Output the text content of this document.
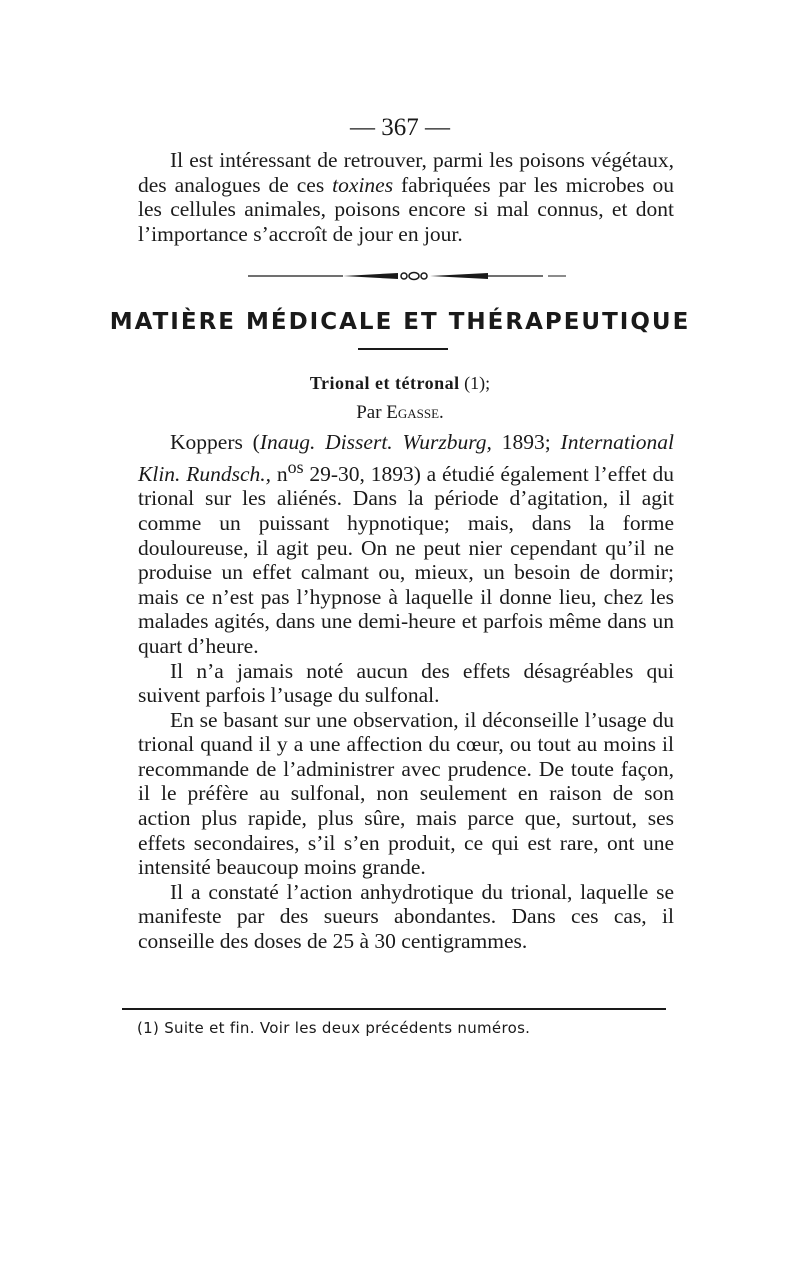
— 367 —

Il est intéressant de retrouver, parmi les poisons végétaux, des analogues de ces toxines fabriquées par les microbes ou les cellules animales, poisons encore si mal connus, et dont l’importance s’accroît de jour en jour.

MATIÈRE MÉDICALE ET THÉRAPEUTIQUE
Trional et tétronal (1);
Par Egasse.

Koppers (Inaug. Dissert. Wurzburg, 1893; International Klin. Rundsch., $n^{os}$ 29-30, 1893) a étudié également l’effet du trional sur les aliénés. Dans la période d’agitation, il agit comme un puissant hypnotique; mais, dans la forme douloureuse, il agit peu. On ne peut nier cependant qu’il ne produise un effet calmant ou, mieux, un besoin de dormir; mais ce n’est pas l’hypnose à laquelle il donne lieu, chez les malades agités, dans une demi-heure et parfois même dans un quart d’heure.

Il n’a jamais noté aucun des effets désagréables qui suivent parfois l’usage du sulfonal.

En se basant sur une observation, il déconseille l’usage du trional quand il y a une affection du cœur, ou tout au moins il recommande de l’administrer avec prudence. De toute façon, il le préfère au sulfonal, non seulement en raison de son action plus rapide, plus sûre, mais parce que, surtout, ses effets secondaires, s’il s’en produit, ce qui est rare, ont une intensité beaucoup moins grande.

Il a constaté l’action anhydrotique du trional, laquelle se manifeste par des sueurs abondantes. Dans ces cas, il conseille des doses de 25 à 30 centigrammes.

(1) Suite et fin. Voir les deux précédents numéros.
